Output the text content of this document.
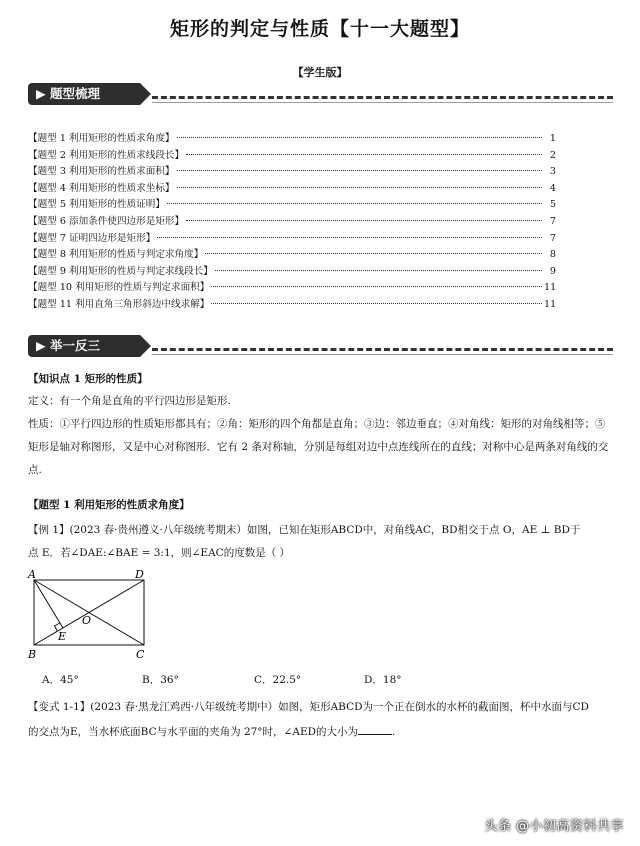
矩形的判定与性质【十一大题型】
【学生版】
▶ 题型梳理
【题型 1 利用矩形的性质求角度】	1
【题型 2 利用矩形的性质求线段长】	2
【题型 3 利用矩形的性质求面积】	3
【题型 4 利用矩形的性质求坐标】	4
【题型 5 利用矩形的性质证明】	5
【题型 6 添加条件使四边形是矩形】	7
【题型 7 证明四边形是矩形】	7
【题型 8 利用矩形的性质与判定求角度】	8
【题型 9 利用矩形的性质与判定求线段长】	9
【题型 10 利用矩形的性质与判定求面积】	11
【题型 11 利用直角三角形斜边中线求解】	11
▶ 举一反三
【知识点 1 矩形的性质】
定义：有一个角是直角的平行四边形是矩形.
性质：①平行四边形的性质矩形都具有；②角：矩形的四个角都是直角；③边：邻边垂直；④对角线：矩形的对角线相等；⑤矩形是轴对称图形，又是中心对称图形．它有 2 条对称轴，分别是每组对边中点连线所在的直线；对称中心是两条对角线的交点.
【题型 1 利用矩形的性质求角度】
【例 1】(2023 春·贵州遵义·八年级统考期末）如图，已知在矩形ABCD中，对角线AC，BD相交于点 O，AE ⊥ BD于
点 E．若∠DAE:∠BAE = 3:1，则∠EAC的度数是（ ）
A	D
B	C
E
O
A．45°	B．36°	C．22.5°	D．18°
【变式 1-1】(2023 春·黑龙江鸡西·八年级统考期中）如图，矩形ABCD为一个正在倒水的水杯的截面图，杯中水面与CD
的交点为E，当水杯底面BC与水平面的夹角为 27°时，∠AED的大小为	.
头条 @小初高资料共享
